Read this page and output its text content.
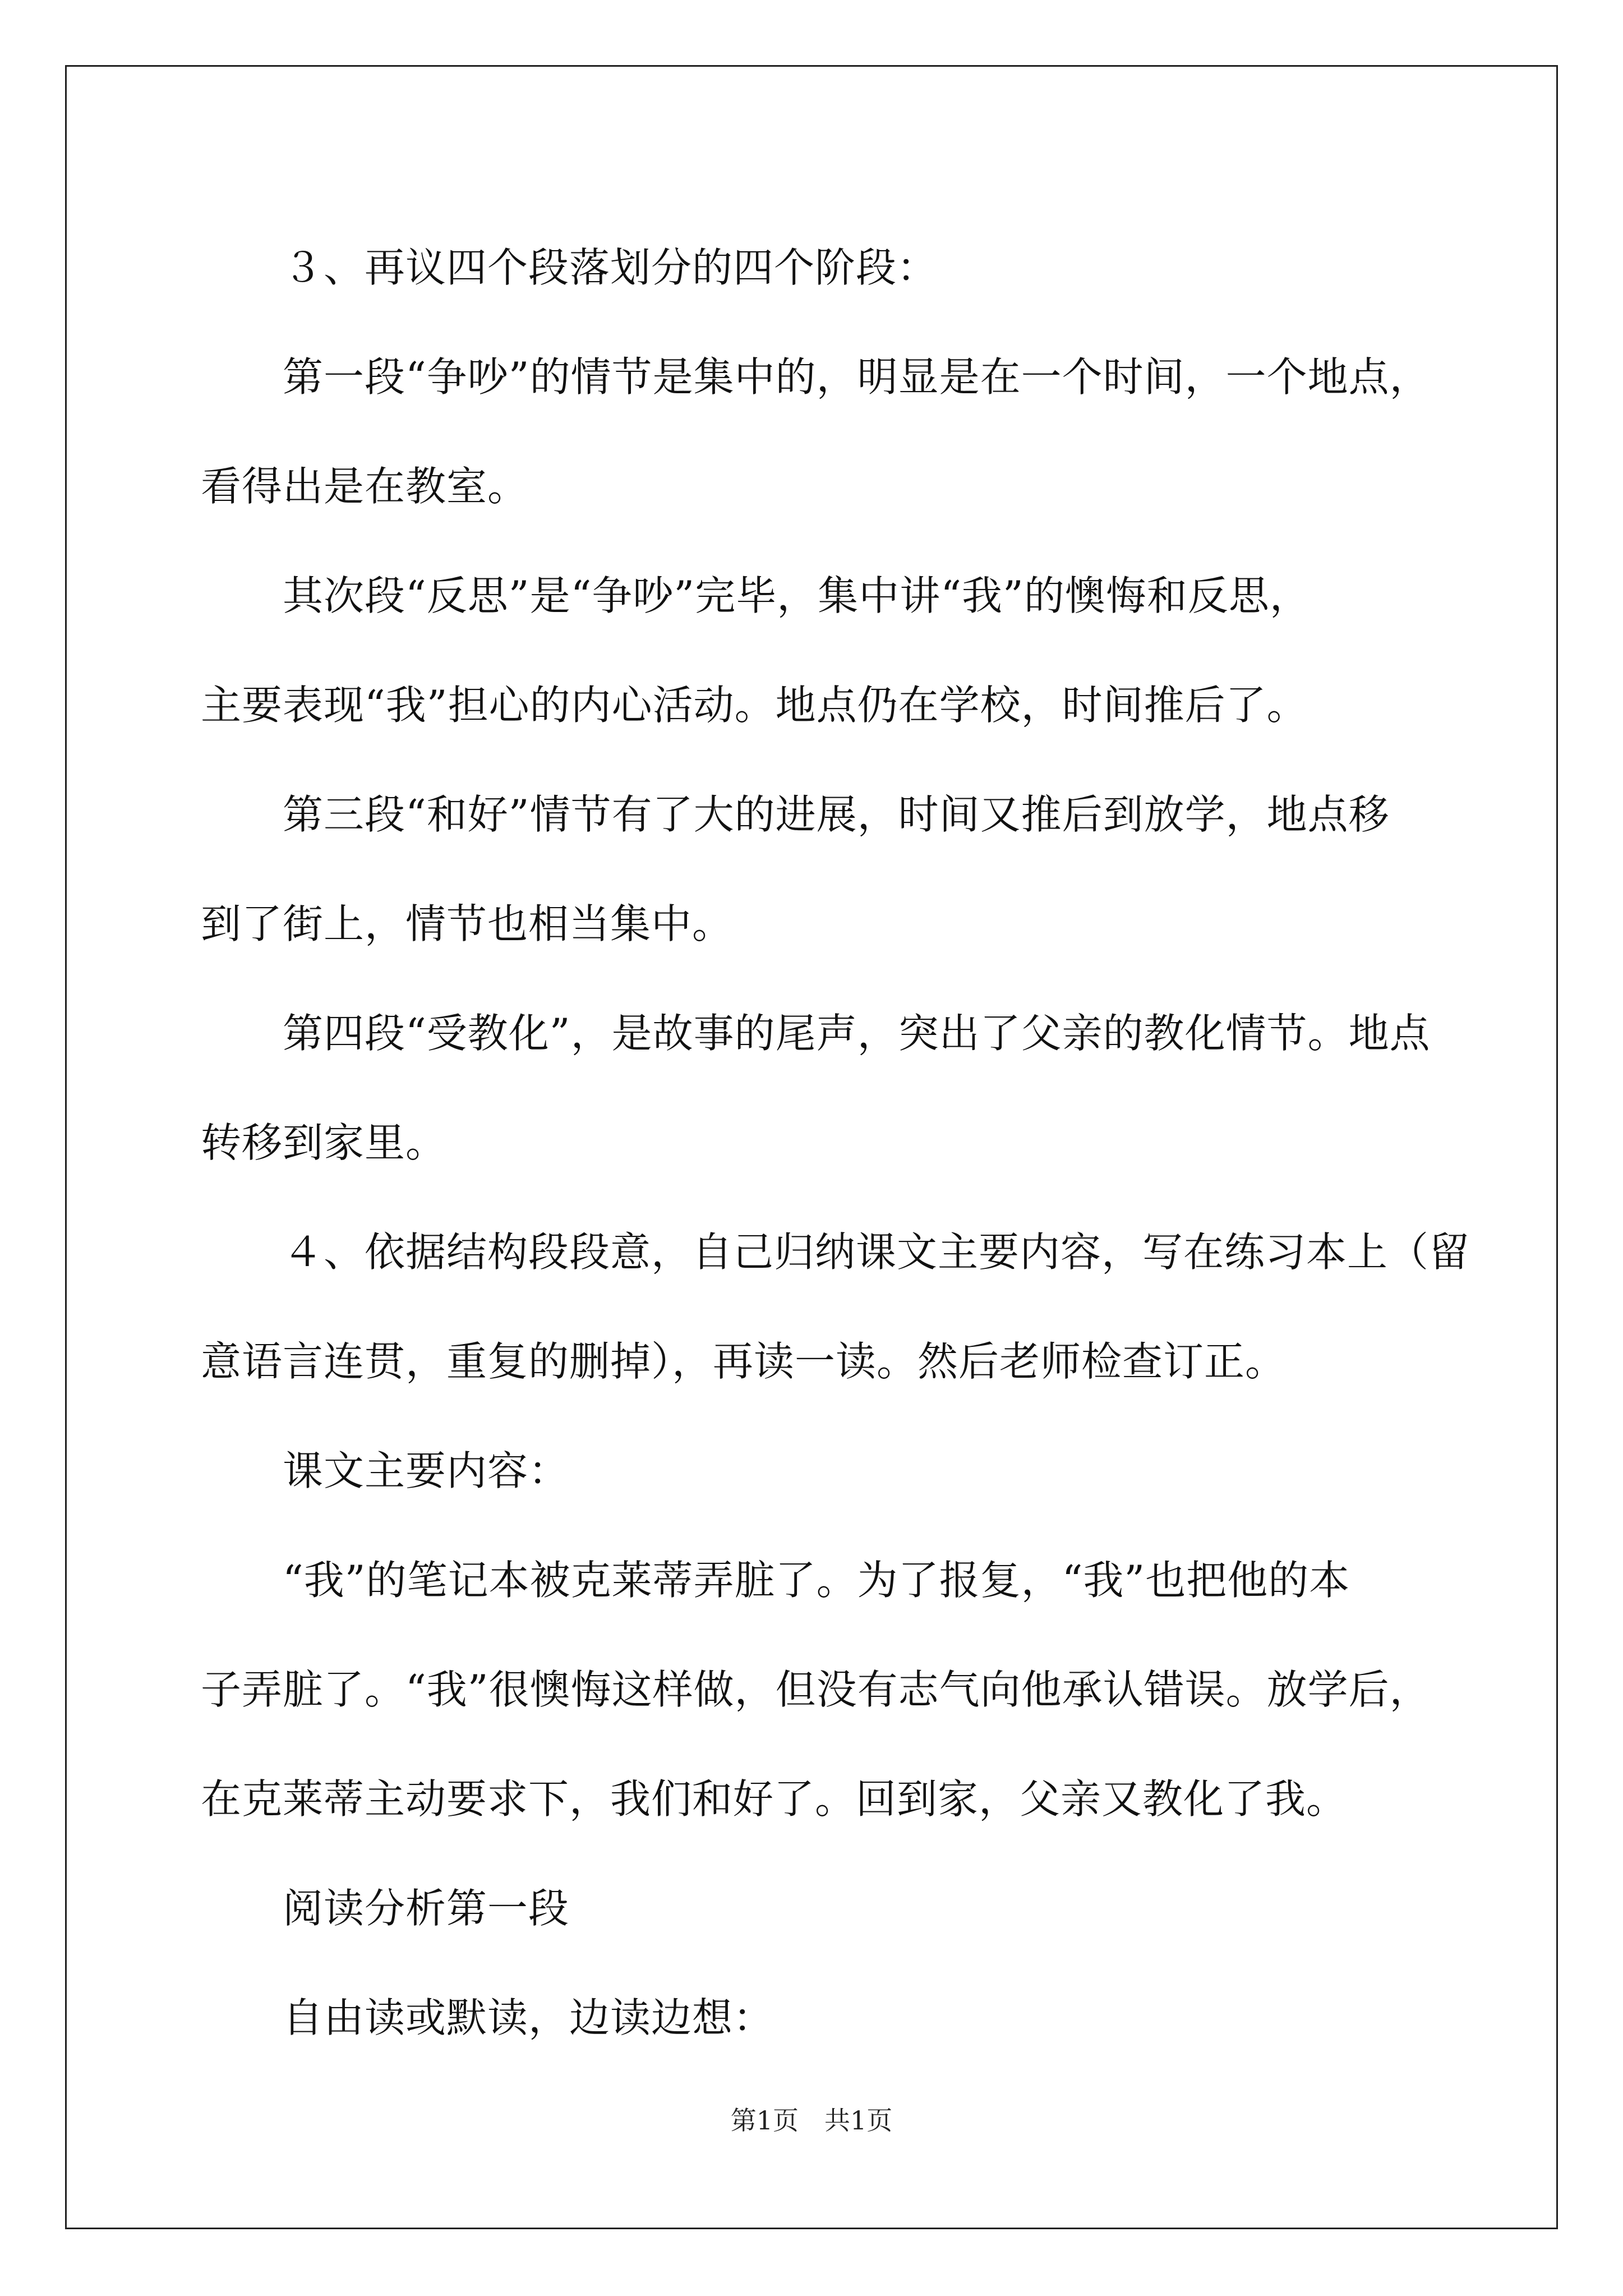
３、再议四个段落划分的四个阶段：

第一段“争吵”的情节是集中的，明显是在一个时间，一个地点，

看得出是在教室。

其次段“反思”是“争吵”完毕，集中讲“我”的懊悔和反思，

主要表现“我”担心的内心活动。地点仍在学校，时间推后了。

第三段“和好”情节有了大的进展，时间又推后到放学，地点移

到了街上，情节也相当集中。

第四段“受教化”，是故事的尾声，突出了父亲的教化情节。地点

转移到家里。

４、依据结构段段意，自己归纳课文主要内容，写在练习本上（留

意语言连贯，重复的删掉），再读一读。然后老师检查订正。

课文主要内容：

“我”的笔记本被克莱蒂弄脏了。为了报复，“我”也把他的本

子弄脏了。“我”很懊悔这样做，但没有志气向他承认错误。放学后，

在克莱蒂主动要求下，我们和好了。回到家，父亲又教化了我。

阅读分析第一段

自由读或默读，边读边想：

第1页　共1页
